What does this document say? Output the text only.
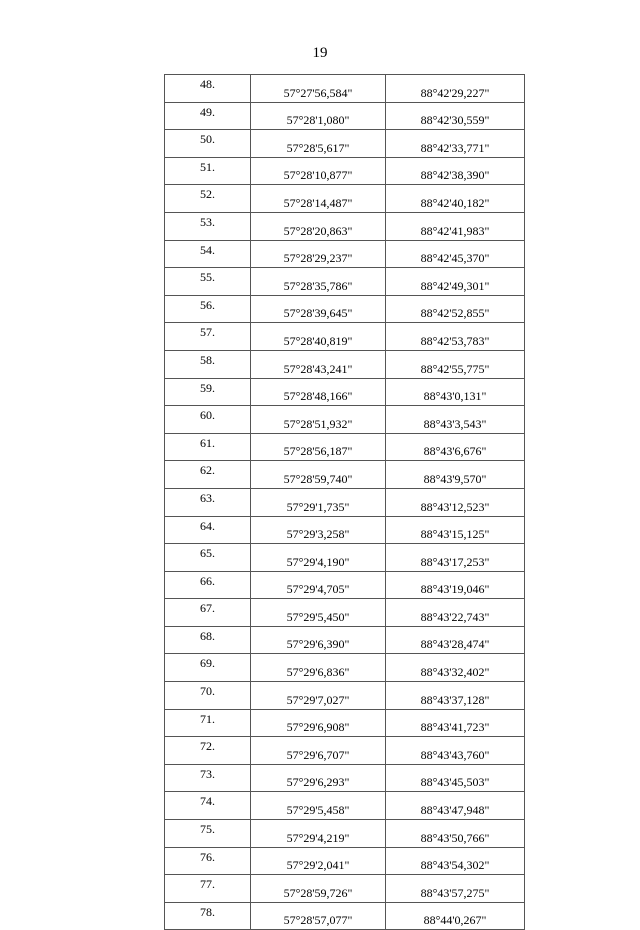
19
48.	57°27'56,584"	88°42'29,227"
49.	57°28'1,080"	88°42'30,559"
50.	57°28'5,617"	88°42'33,771"
51.	57°28'10,877"	88°42'38,390"
52.	57°28'14,487"	88°42'40,182"
53.	57°28'20,863"	88°42'41,983"
54.	57°28'29,237"	88°42'45,370"
55.	57°28'35,786"	88°42'49,301"
56.	57°28'39,645"	88°42'52,855"
57.	57°28'40,819"	88°42'53,783"
58.	57°28'43,241"	88°42'55,775"
59.	57°28'48,166"	88°43'0,131"
60.	57°28'51,932"	88°43'3,543"
61.	57°28'56,187"	88°43'6,676"
62.	57°28'59,740"	88°43'9,570"
63.	57°29'1,735"	88°43'12,523"
64.	57°29'3,258"	88°43'15,125"
65.	57°29'4,190"	88°43'17,253"
66.	57°29'4,705"	88°43'19,046"
67.	57°29'5,450"	88°43'22,743"
68.	57°29'6,390"	88°43'28,474"
69.	57°29'6,836"	88°43'32,402"
70.	57°29'7,027"	88°43'37,128"
71.	57°29'6,908"	88°43'41,723"
72.	57°29'6,707"	88°43'43,760"
73.	57°29'6,293"	88°43'45,503"
74.	57°29'5,458"	88°43'47,948"
75.	57°29'4,219"	88°43'50,766"
76.	57°29'2,041"	88°43'54,302"
77.	57°28'59,726"	88°43'57,275"
78.	57°28'57,077"	88°44'0,267"
